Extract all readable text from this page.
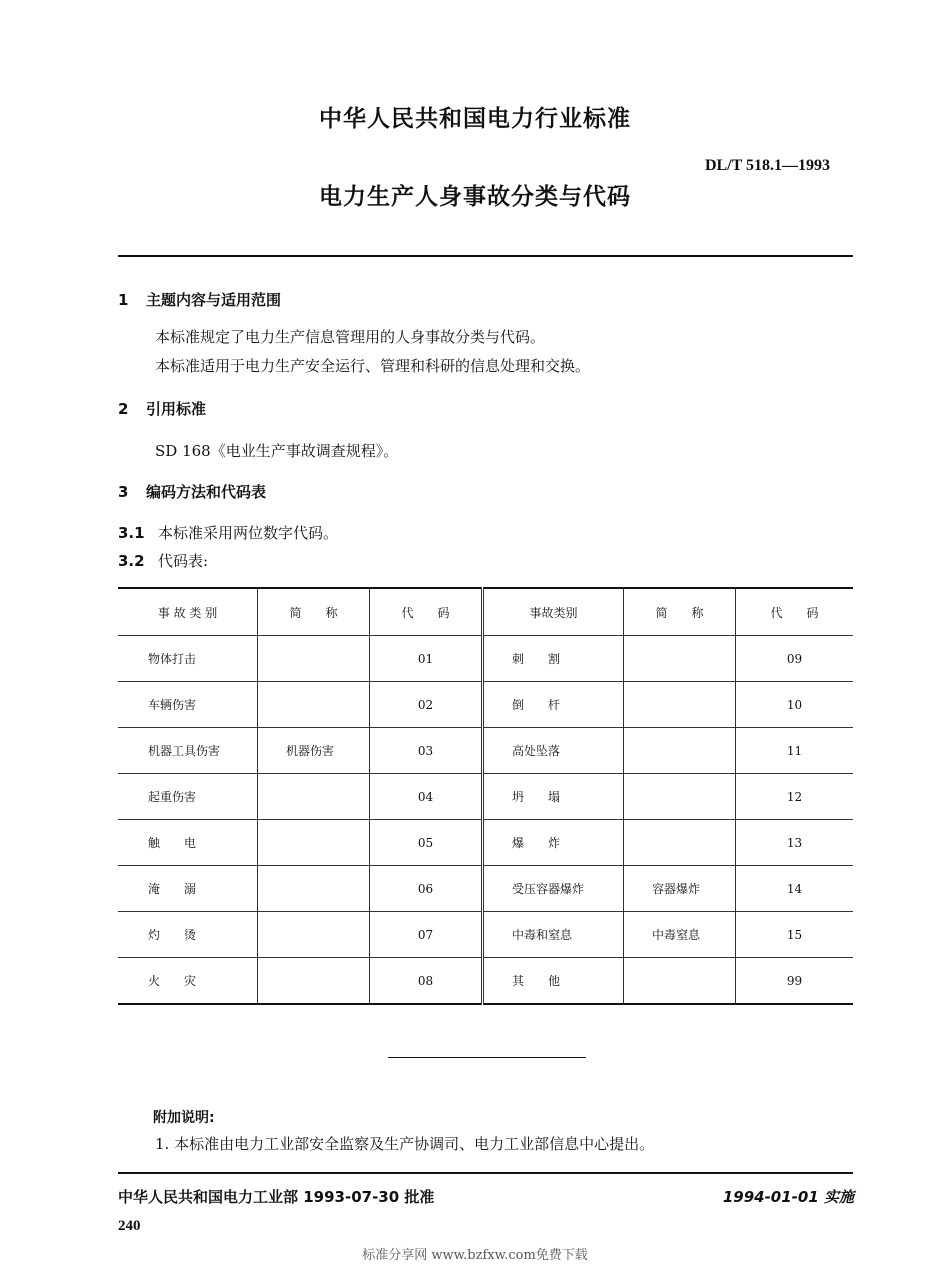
中华人民共和国电力行业标准
DL/T 518.1—1993
电力生产人身事故分类与代码
1 主题内容与适用范围
本标准规定了电力生产信息管理用的人身事故分类与代码。
本标准适用于电力生产安全运行、管理和科研的信息处理和交换。
2 引用标准
SD 168《电业生产事故调查规程》。
3 编码方法和代码表
3.1 本标准采用两位数字代码。
3.2 代码表:
事 故 类 别	简　　称	代　　码	事故类别	简　　称	代　　码
物体打击		01	刺　　割		09
车辆伤害		02	倒　　杆		10
机器工具伤害	机器伤害	03	高处坠落		11
起重伤害		04	坍　　塌		12
触　　电		05	爆　　炸		13
淹　　溺		06	受压容器爆炸	容器爆炸	14
灼　　烫		07	中毒和窒息	中毒窒息	15
火　　灾		08	其　　他		99
附加说明:
1. 本标准由电力工业部安全监察及生产协调司、电力工业部信息中心提出。
中华人民共和国电力工业部 1993-07-30 批准	1994-01-01 实施
240
标准分享网 www.bzfxw.com免费下载
